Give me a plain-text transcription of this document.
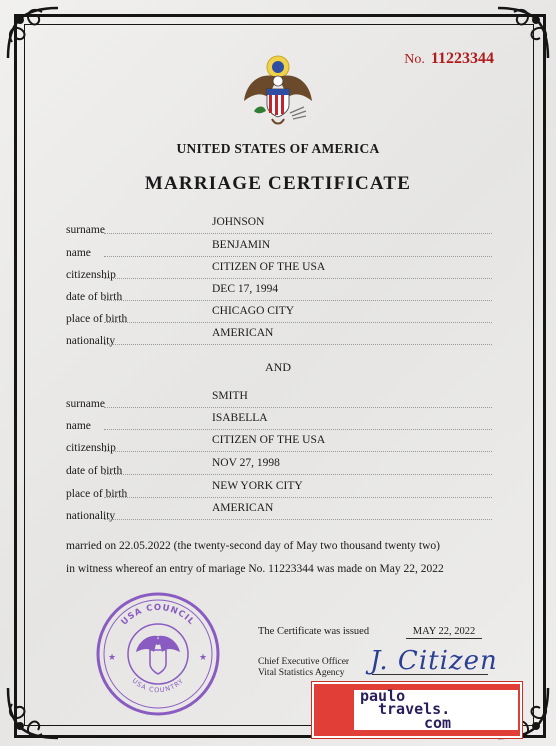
No. 11223344
UNITED STATES OF AMERICA
MARRIAGE CERTIFICATE
surname
JOHNSON
name
BENJAMIN
citizenship
CITIZEN OF THE USA
date of birth
DEC 17, 1994
place of birth
CHICAGO CITY
nationality
AMERICAN
AND
surname
SMITH
name
ISABELLA
citizenship
CITIZEN OF THE USA
date of birth
NOV 27, 1998
place of birth
NEW YORK CITY
nationality
AMERICAN
married on 22.05.2022 (the twenty-second day of May two thousand twenty two)
in witness whereof an entry of mariage No. 11223344 was made on May 22, 2022
USA COUNCIL
USA COUNTRY
★	★
The Certificate was issued	MAY 22, 2022
Chief Executive Officer
Vital Statistics Agency J. Citizen
paulo
travels.
com
